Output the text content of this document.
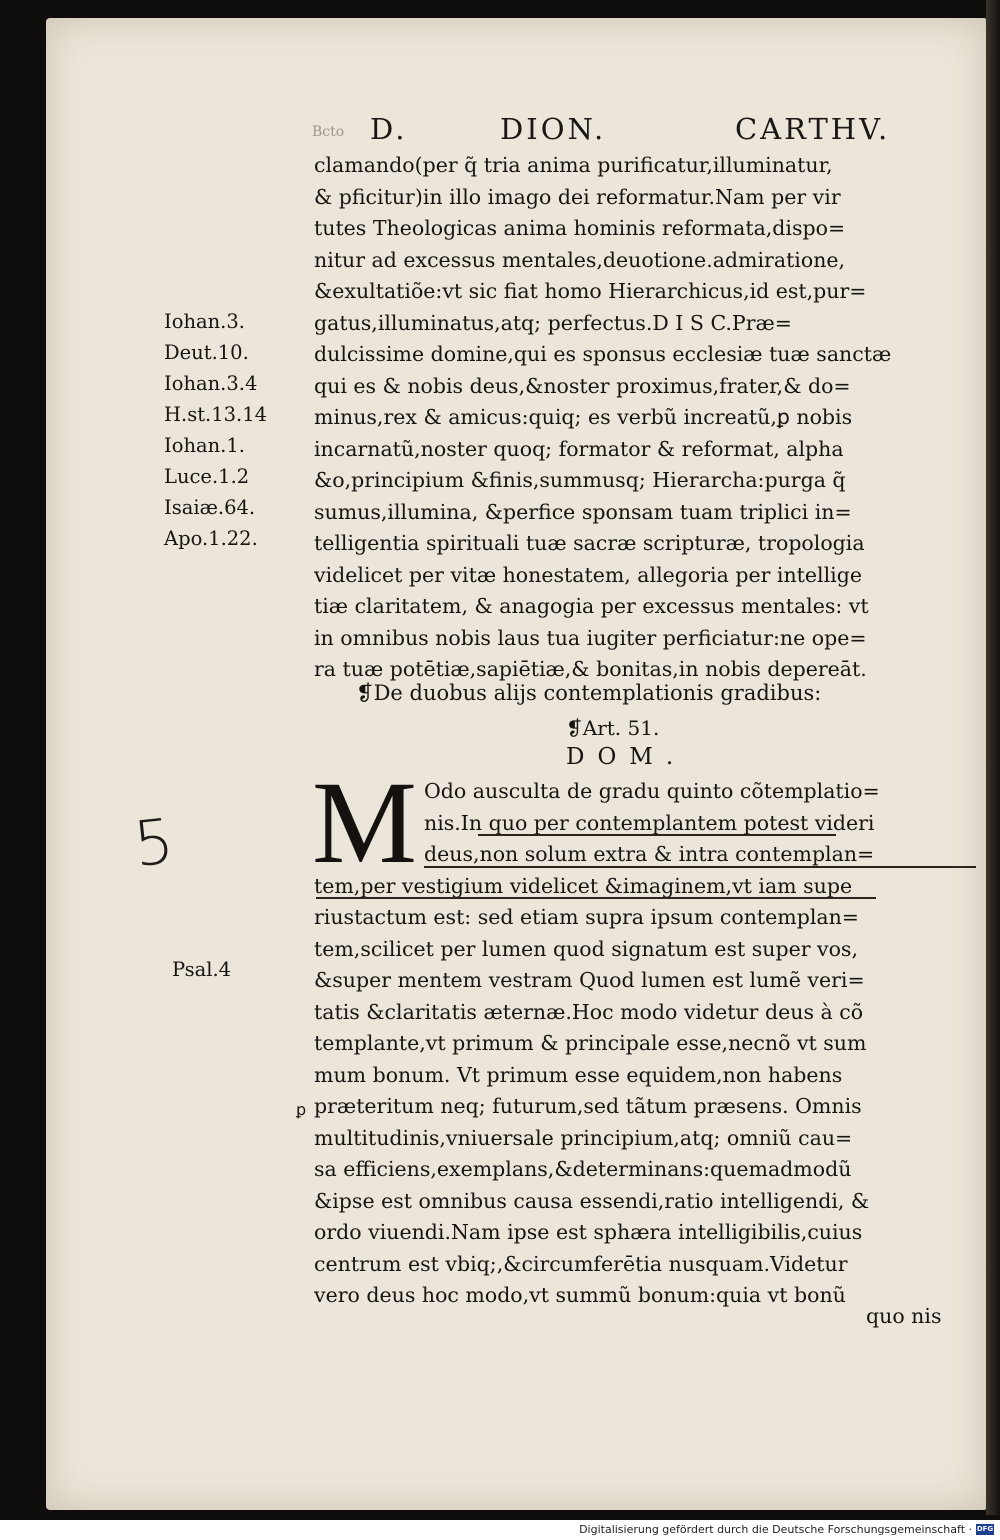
Bcto D.	DION.	CARTHV.
clamando(per q̃ tria anima purificatur,illuminatur,
& pficitur)in illo imago dei reformatur.Nam per vir
tutes Theologicas anima hominis reformata,dispo=
nitur ad excessus mentales,deuotione.admiratione,
&exultatiõe:vt sic fiat homo Hierarchicus,id est,pur=
gatus,illuminatus,atq; perfectus.D I S C.Præ=
dulcissime domine,qui es sponsus ecclesiæ tuæ sanctæ
qui es & nobis deus,&noster proximus,frater,& do=
minus,rex & amicus:quiq; es verbũ increatũ,ꝑ nobis
incarnatũ,noster quoq; formator & reformat, alpha
&o,principium &finis,summusq; Hierarcha:purga q̃
sumus,illumina, &perfice sponsam tuam triplici in=
telligentia spirituali tuæ sacræ scripturæ, tropologia
videlicet per vitæ honestatem, allegoria per intellige
tiæ claritatem, & anagogia per excessus mentales: vt
in omnibus nobis laus tua iugiter perficiatur:ne ope=
ra tuæ potētiæ,sapiētiæ,& bonitas,in nobis depereāt.
❡De duobus alijs contemplationis gradibus:
❡Art. 51.
DOM.
M Odo ausculta de gradu quinto cõtemplatio=
nis.In quo per contemplantem potest videri
deus,non solum extra & intra contemplan=
tem,per vestigium videlicet &imaginem,vt iam supe
riustactum est: sed etiam supra ipsum contemplan=
tem,scilicet per lumen quod signatum est super vos,
&super mentem vestram Quod lumen est lumẽ veri=
tatis &claritatis æternæ.Hoc modo videtur deus à cõ
templante,vt primum & principale esse,necnõ vt sum
mum bonum. Vt primum esse equidem,non habens
præteritum neq; futurum,sed tãtum præsens. Omnis
multitudinis,vniuersale principium,atq; omniũ cau=
sa efficiens,exemplans,&determinans:quemadmodũ
&ipse est omnibus causa essendi,ratio intelligendi, &
ordo viuendi.Nam ipse est sphæra intelligibilis,cuius
centrum est vbiq;,&circumferētia nusquam.Videtur
vero deus hoc modo,vt summũ bonum:quia vt bonũ
quo nis
Iohan.3.
Deut.10.
Iohan.3.4
H.st.13.14
Iohan.1.
Luce.1.2
Isaiæ.64.
Apo.1.22.
5
Psal.4
ꝑ
Digitalisierung gefördert durch die Deutsche Forschungsgemeinschaft · DFG
